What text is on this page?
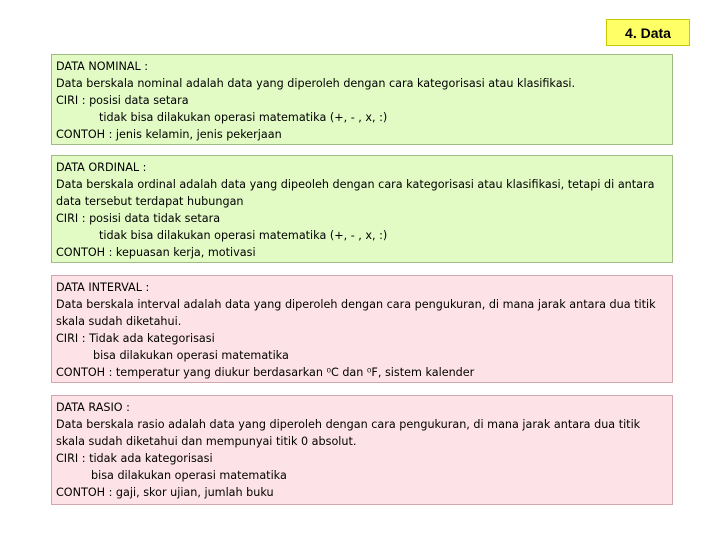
4. Data
DATA NOMINAL :
Data berskala nominal adalah data yang diperoleh dengan cara kategorisasi atau klasifikasi.
CIRI : posisi data setara
tidak bisa dilakukan operasi matematika (+, - , x, :)
CONTOH : jenis kelamin, jenis pekerjaan
DATA ORDINAL :
Data berskala ordinal adalah data yang dipeoleh dengan cara kategorisasi atau klasifikasi, tetapi di antara
data tersebut terdapat hubungan
CIRI : posisi data tidak setara
tidak bisa dilakukan operasi matematika (+, - , x, :)
CONTOH : kepuasan kerja, motivasi
DATA INTERVAL :
Data berskala interval adalah data yang diperoleh dengan cara pengukuran, di mana jarak antara dua titik
skala sudah diketahui.
CIRI : Tidak ada kategorisasi
bisa dilakukan operasi matematika
CONTOH : temperatur yang diukur berdasarkan ⁰C dan ⁰F, sistem kalender
DATA RASIO :
Data berskala rasio adalah data yang diperoleh dengan cara pengukuran, di mana jarak antara dua titik
skala sudah diketahui dan mempunyai titik 0 absolut.
CIRI : tidak ada kategorisasi
bisa dilakukan operasi matematika
CONTOH : gaji, skor ujian, jumlah buku
